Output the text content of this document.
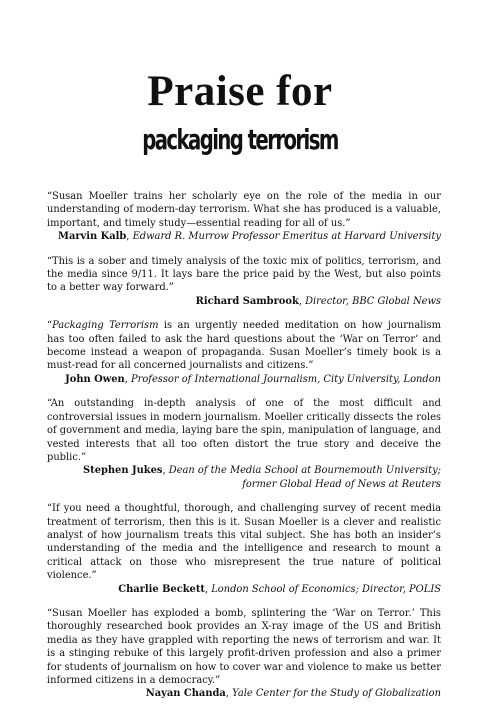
Praise for
packaging terrorism

“Susan Moeller trains her scholarly eye on the role of the media in our understanding of modern-day terrorism. What she has produced is a valuable, important, and timely study—essential reading for all of us.”

Marvin Kalb, Edward R. Murrow Professor Emeritus at Harvard University

“This is a sober and timely analysis of the toxic mix of politics, terrorism, and the media since 9/11. It lays bare the price paid by the West, but also points to a better way forward.”

Richard Sambrook, Director, BBC Global News

“Packaging Terrorism is an urgently needed meditation on how journalism has too often failed to ask the hard questions about the ‘War on Terror’ and become instead a weapon of propaganda. Susan Moeller’s timely book is a must-read for all concerned journalists and citizens.”

John Owen, Professor of International Journalism, City University, London

“An outstanding in-depth analysis of one of the most difficult and controversial issues in modern journalism. Moeller critically dissects the roles of government and media, laying bare the spin, manipulation of language, and vested interests that all too often distort the true story and deceive the public.”

Stephen Jukes, Dean of the Media School at Bournemouth University;

former Global Head of News at Reuters

“If you need a thoughtful, thorough, and challenging survey of recent media treatment of terrorism, then this is it. Susan Moeller is a clever and realistic analyst of how journalism treats this vital subject. She has both an insider’s understanding of the media and the intelligence and research to mount a critical attack on those who misrepresent the true nature of political violence.”

Charlie Beckett, London School of Economics; Director, POLIS

“Susan Moeller has exploded a bomb, splintering the ‘War on Terror.’ This thoroughly researched book provides an X-ray image of the US and British media as they have grappled with reporting the news of terrorism and war. It is a stinging rebuke of this largely profit-driven profession and also a primer for students of journalism on how to cover war and violence to make us better informed citizens in a democracy.”

Nayan Chanda, Yale Center for the Study of Globalization
